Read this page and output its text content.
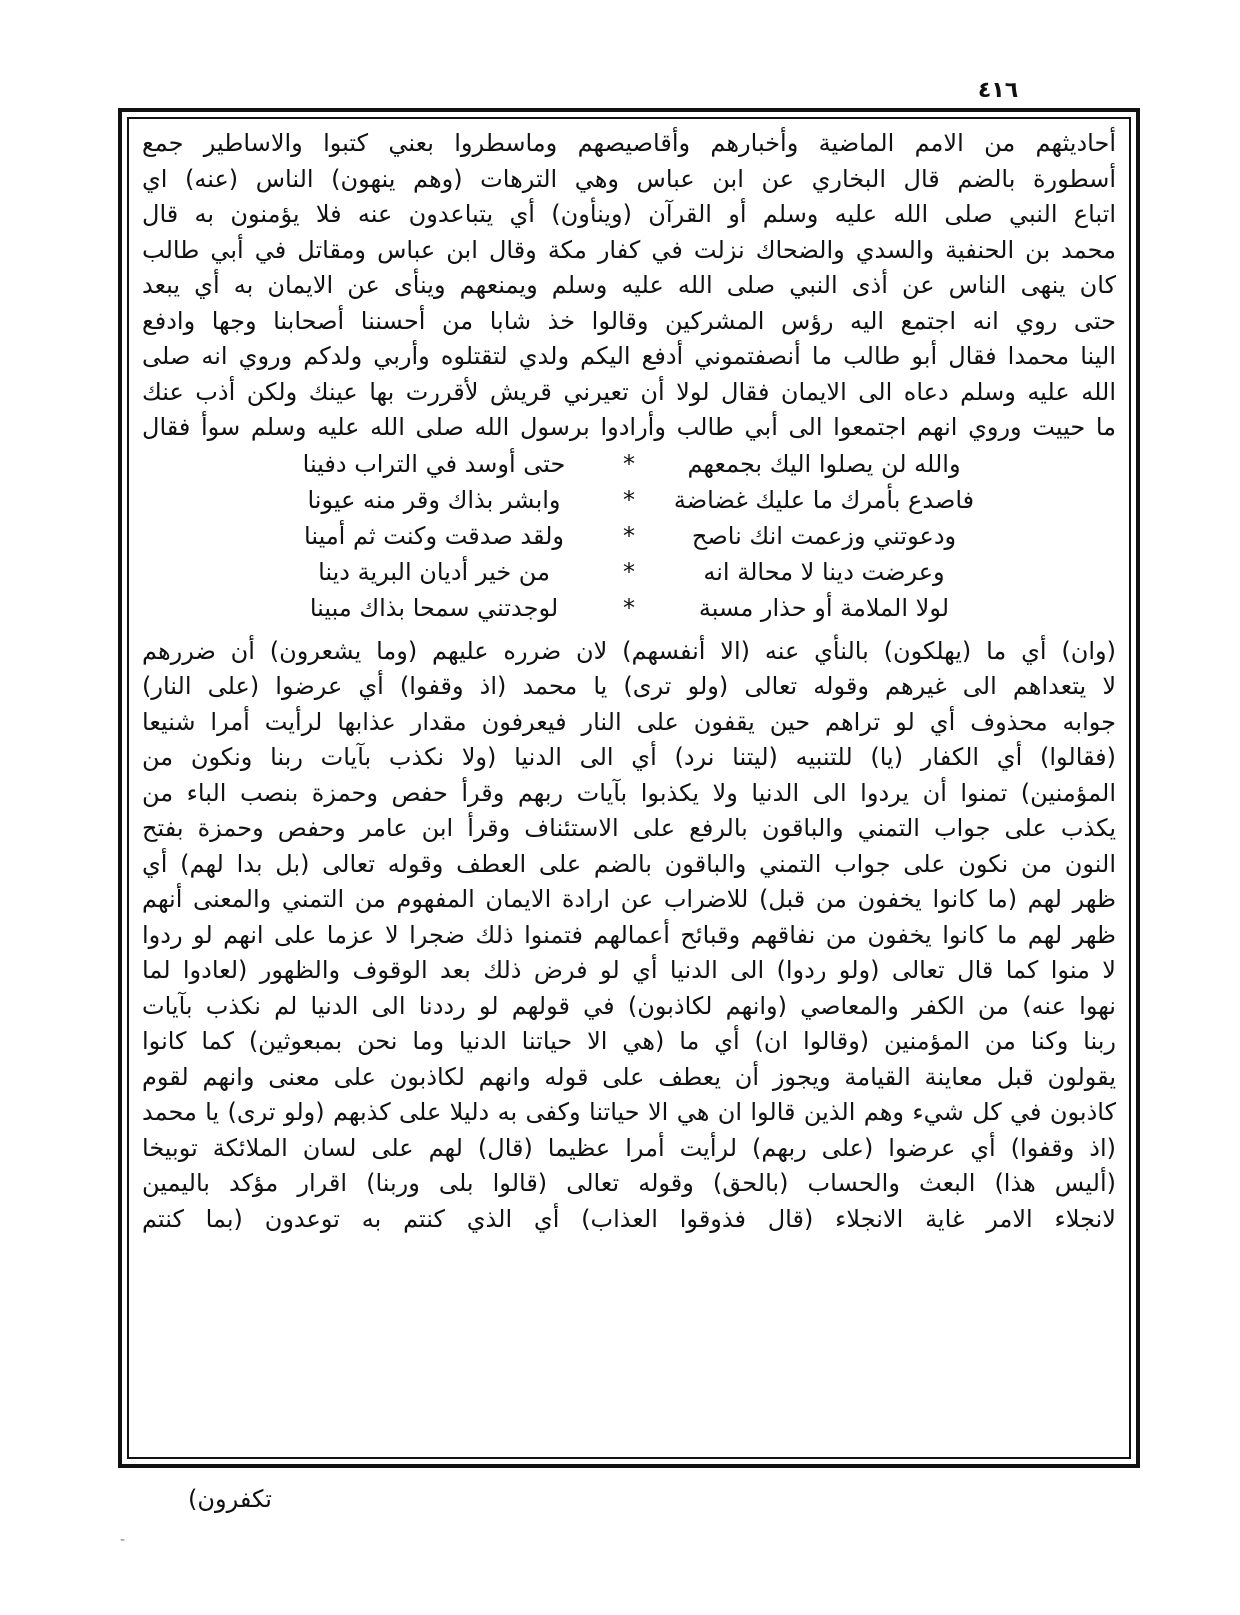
٤١٦
أحاديثهم من الامم الماضية وأخبارهم وأقاصيصهم وماسطروا بعني كتبوا والاساطير جمع
أسطورة بالضم قال البخاري عن ابن عباس وهي الترهات (وهم ينهون) الناس (عنه) اي
اتباع النبي صلى الله عليه وسلم أو القرآن (وينأون) أي يتباعدون عنه فلا يؤمنون به قال
محمد بن الحنفية والسدي والضحاك نزلت في كفار مكة وقال ابن عباس ومقاتل في أبي طالب
كان ينهى الناس عن أذى النبي صلى الله عليه وسلم ويمنعهم وينأى عن الايمان به أي يبعد
حتى روي انه اجتمع اليه رؤس المشركين وقالوا خذ شابا من أحسننا أصحابنا وجها وادفع
الينا محمدا فقال أبو طالب ما أنصفتموني أدفع اليكم ولدي لتقتلوه وأربي ولدكم وروي انه صلى
الله عليه وسلم دعاه الى الايمان فقال لولا أن تعيرني قريش لأقررت بها عينك ولكن أذب عنك
ما حييت وروي انهم اجتمعوا الى أبي طالب وأرادوا برسول الله صلى الله عليه وسلم سوأ فقال
والله لن يصلوا اليك بجمعهم
*
حتى أوسد في التراب دفينا
فاصدع بأمرك ما عليك غضاضة
*
وابشر بذاك وقر منه عيونا
ودعوتني وزعمت انك ناصح
*
ولقد صدقت وكنت ثم أمينا
وعرضت دينا لا محالة انه
*
من خير أديان البرية دينا
لولا الملامة أو حذار مسبة
*
لوجدتني سمحا بذاك مبينا
(وان) أي ما (يهلكون) بالنأي عنه (الا أنفسهم) لان ضرره عليهم (وما يشعرون) أن ضررهم
لا يتعداهم الى غيرهم وقوله تعالى (ولو ترى) يا محمد (اذ وقفوا) أي عرضوا (على النار)
جوابه محذوف أي لو تراهم حين يقفون على النار فيعرفون مقدار عذابها لرأيت أمرا شنيعا
(فقالوا) أي الكفار (يا) للتنبيه (ليتنا نرد) أي الى الدنيا (ولا نكذب بآيات ربنا ونكون من
المؤمنين) تمنوا أن يردوا الى الدنيا ولا يكذبوا بآيات ربهم وقرأ حفص وحمزة بنصب الباء من
يكذب على جواب التمني والباقون بالرفع على الاستئناف وقرأ ابن عامر وحفص وحمزة بفتح
النون من نكون على جواب التمني والباقون بالضم على العطف وقوله تعالى (بل بدا لهم) أي
ظهر لهم (ما كانوا يخفون من قبل) للاضراب عن ارادة الايمان المفهوم من التمني والمعنى أنهم
ظهر لهم ما كانوا يخفون من نفاقهم وقبائح أعمالهم فتمنوا ذلك ضجرا لا عزما على انهم لو ردوا
لا منوا كما قال تعالى (ولو ردوا) الى الدنيا أي لو فرض ذلك بعد الوقوف والظهور (لعادوا لما
نهوا عنه) من الكفر والمعاصي (وانهم لكاذبون) في قولهم لو رددنا الى الدنيا لم نكذب بآيات
ربنا وكنا من المؤمنين (وقالوا ان) أي ما (هي الا حياتنا الدنيا وما نحن بمبعوثين) كما كانوا
يقولون قبل معاينة القيامة ويجوز أن يعطف على قوله وانهم لكاذبون على معنى وانهم لقوم
كاذبون في كل شيء وهم الذين قالوا ان هي الا حياتنا وكفى به دليلا على كذبهم (ولو ترى) يا محمد
(اذ وقفوا) أي عرضوا (على ربهم) لرأيت أمرا عظيما (قال) لهم على لسان الملائكة توبيخا
(أليس هذا) البعث والحساب (بالحق) وقوله تعالى (قالوا بلى وربنا) اقرار مؤكد باليمين
لانجلاء الامر غاية الانجلاء (قال فذوقوا العذاب) أي الذي كنتم به توعدون (بما كنتم
تكفرون)
-
